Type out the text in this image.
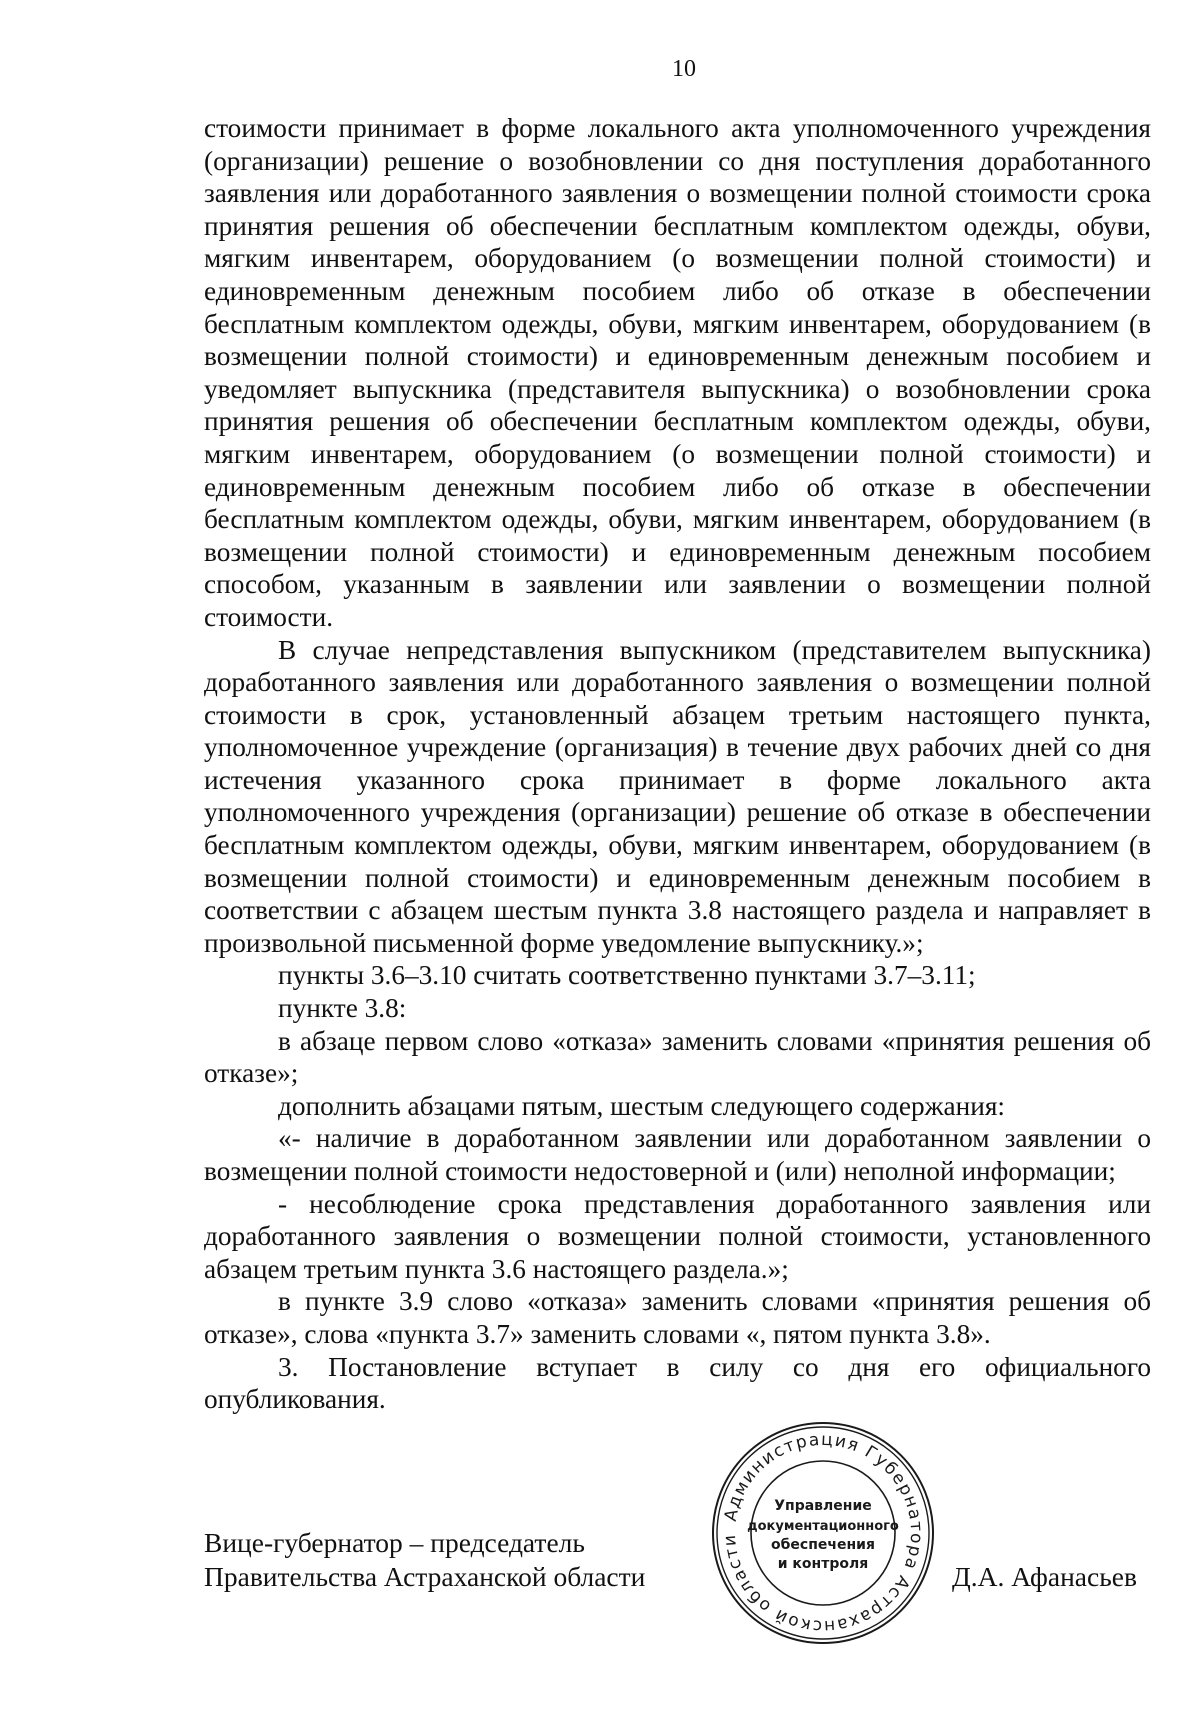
10

стоимости принимает в форме локального акта уполномоченного учреждения (организации) решение о возобновлении со дня поступления доработанного заявления или доработанного заявления о возмещении полной стоимости срока принятия решения об обеспечении бесплатным комплектом одежды, обуви, мягким инвентарем, оборудованием (о возмещении полной стоимости) и единовременным денежным пособием либо об отказе в обеспечении бесплатным комплектом одежды, обуви, мягким инвентарем, оборудованием (в возмещении полной стоимости) и единовременным денежным пособием и уведомляет выпускника (представителя выпускника) о возобновлении срока принятия решения об обеспечении бесплатным комплектом одежды, обуви, мягким инвентарем, оборудованием (о возмещении полной стоимости) и единовременным денежным пособием либо об отказе в обеспечении бесплатным комплектом одежды, обуви, мягким инвентарем, оборудованием (в возмещении полной стоимости) и единовременным денежным пособием способом, указанным в заявлении или заявлении о возмещении полной стоимости.

В случае непредставления выпускником (представителем выпускника) доработанного заявления или доработанного заявления о возмещении полной стоимости в срок, установленный абзацем третьим настоящего пункта, уполномоченное учреждение (организация) в течение двух рабочих дней со дня истечения указанного срока принимает в форме локального акта уполномоченного учреждения (организации) решение об отказе в обеспечении бесплатным комплектом одежды, обуви, мягким инвентарем, оборудованием (в возмещении полной стоимости) и единовременным денежным пособием в соответствии с абзацем шестым пункта 3.8 настоящего раздела и направляет в произвольной письменной форме уведомление выпускнику.»;

пункты 3.6–3.10 считать соответственно пунктами 3.7–3.11;

пункте 3.8:

в абзаце первом слово «отказа» заменить словами «принятия решения об отказе»;

дополнить абзацами пятым, шестым следующего содержания:

«- наличие в доработанном заявлении или доработанном заявлении о возмещении полной стоимости недостоверной и (или) неполной информации;

- несоблюдение срока представления доработанного заявления или доработанного заявления о возмещении полной стоимости, установленного абзацем третьим пункта 3.6 настоящего раздела.»;

в пункте 3.9 слово «отказа» заменить словами «принятия решения об отказе», слова «пункта 3.7» заменить словами «, пятом пункта 3.8».

3. Постановление вступает в силу со дня его официального опубликования.

Вице-губернатор – председатель
Правительства Астраханской области	Д.А. Афанасьев
Администрация Губернатора Астраханской области
Управление
документационного
обеспечения
и контроля
